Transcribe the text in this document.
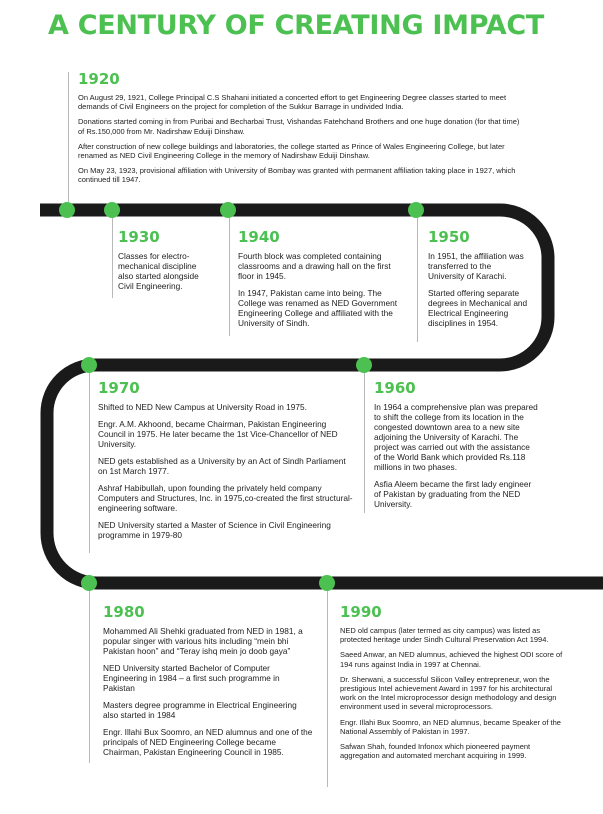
A CENTURY OF CREATING IMPACT
1920

On August 29, 1921, College Principal C.S Shahani initiated a concerted effort to get Engineering Degree classes started to meet demands of Civil Engineers on the project for completion of the Sukkur Barrage in undivided India.

Donations started coming in from Puribai and Becharbai Trust, Vishandas Fatehchand Brothers and one huge donation (for that time) of Rs.150,000 from Mr. Nadirshaw Eduiji Dinshaw.

After construction of new college buildings and laboratories, the college started as Prince of Wales Engineering College, but later renamed as NED Civil Engineering College in the memory of Nadirshaw Eduiji Dinshaw.

On May 23, 1923, provisional affiliation with University of Bombay was granted with permanent affiliation taking place in 1927, which continued till 1947.

1930

Classes for electro-mechanical discipline also started alongside Civil Engineering.

1940

Fourth block was completed containing classrooms and a drawing hall on the first floor in 1945.

In 1947, Pakistan came into being. The College was renamed as NED Government Engineering College and affiliated with the University of Sindh.

1950

In 1951, the affiliation was transferred to the University of Karachi.

Started offering separate degrees in Mechanical and Electrical Engineering disciplines in 1954.

1970

Shifted to NED New Campus at University Road in 1975.

Engr. A.M. Akhoond, became Chairman, Pakistan Engineering Council in 1975. He later became the 1st Vice-Chancellor of NED University.

NED gets established as a University by an Act of Sindh Parliament on 1st March 1977.

Ashraf Habibullah, upon founding the privately held company Computers and Structures, Inc. in 1975,co-created the first structural-engineering software.

NED University started a Master of Science in Civil Engineering programme in 1979-80

1960

In 1964 a comprehensive plan was prepared to shift the college from its location in the congested downtown area to a new site adjoining the University of Karachi. The project was carried out with the assistance of the World Bank which provided Rs.118 millions in two phases.

Asfia Aleem became the first lady engineer of Pakistan by graduating from the NED University.

1980

Mohammed Ali Shehki graduated from NED in 1981, a popular singer with various hits including “mein bhi Pakistan hoon” and “Teray ishq mein jo doob gaya”

NED University started Bachelor of Computer Engineering in 1984 – a first such programme in Pakistan

Masters degree programme in Electrical Engineering also started in 1984

Engr. Illahi Bux Soomro, an NED alumnus and one of the principals of NED Engineering College became Chairman, Pakistan Engineering Council in 1985.

1990

NED old campus (later termed as city campus) was listed as protected heritage under Sindh Cultural Preservation Act 1994.

Saeed Anwar, an NED alumnus, achieved the highest ODI score of 194 runs against India in 1997 at Chennai.

Dr. Sherwani, a successful Silicon Valley entrepreneur, won the prestigious Intel achievement Award in 1997 for his architectural work on the Intel microprocessor design methodology and design environment used in several microprocessors.

Engr. Illahi Bux Soomro, an NED alumnus, became Speaker of the National Assembly of Pakistan in 1997.

Safwan Shah, founded Infonox which pioneered payment aggregation and automated merchant acquiring in 1999.
